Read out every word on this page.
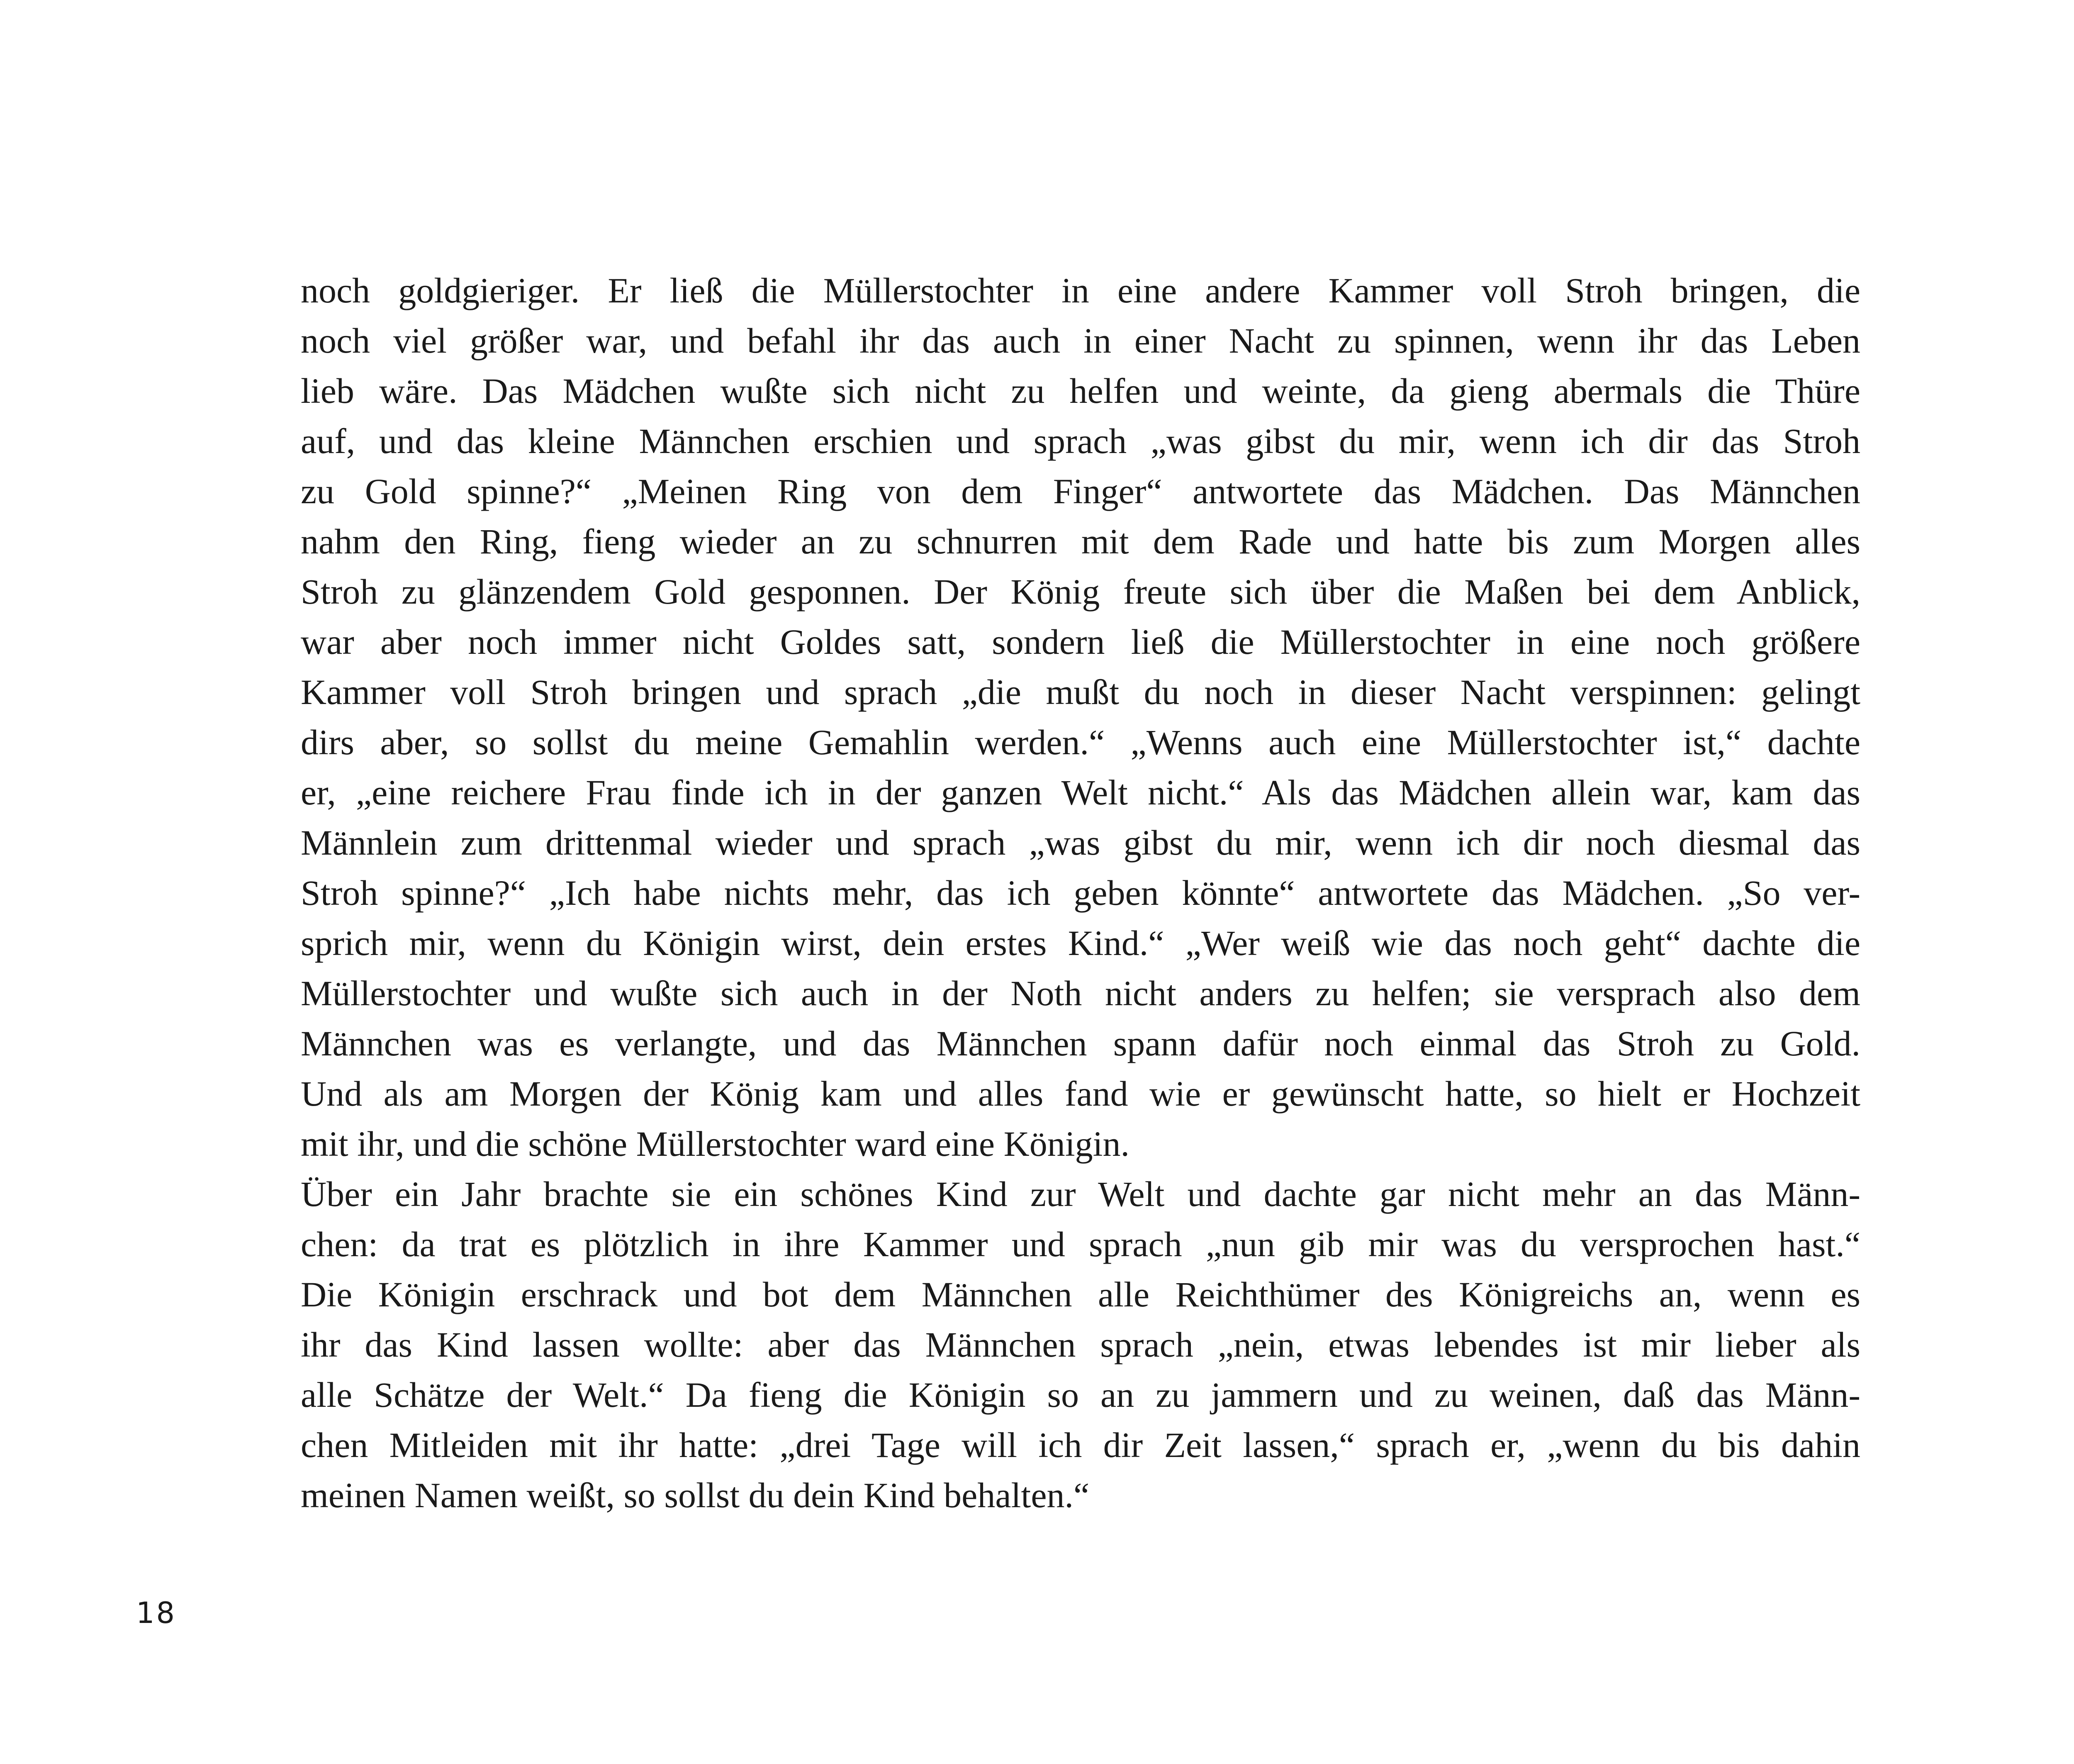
noch goldgieriger. Er ließ die Müllerstochter in eine andere Kammer voll Stroh bringen, die
noch viel größer war, und befahl ihr das auch in einer Nacht zu spinnen, wenn ihr das Leben
lieb wäre. Das Mädchen wußte sich nicht zu helfen und weinte, da gieng abermals die Thüre
auf, und das kleine Männchen erschien und sprach „was gibst du mir, wenn ich dir das Stroh
zu Gold spinne?“ „Meinen Ring von dem Finger“ antwortete das Mädchen. Das Männchen
nahm den Ring, fieng wieder an zu schnurren mit dem Rade und hatte bis zum Morgen alles
Stroh zu glänzendem Gold gesponnen. Der König freute sich über die Maßen bei dem Anblick,
war aber noch immer nicht Goldes satt, sondern ließ die Müllerstochter in eine noch größere
Kammer voll Stroh bringen und sprach „die mußt du noch in dieser Nacht verspinnen: gelingt
dirs aber, so sollst du meine Gemahlin werden.“ „Wenns auch eine Müllerstochter ist,“ dachte
er, „eine reichere Frau finde ich in der ganzen Welt nicht.“ Als das Mädchen allein war, kam das
Männlein zum drittenmal wieder und sprach „was gibst du mir, wenn ich dir noch diesmal das
Stroh spinne?“ „Ich habe nichts mehr, das ich geben könnte“ antwortete das Mädchen. „So ver-
sprich mir, wenn du Königin wirst, dein erstes Kind.“ „Wer weiß wie das noch geht“ dachte die
Müllerstochter und wußte sich auch in der Noth nicht anders zu helfen; sie versprach also dem
Männchen was es verlangte, und das Männchen spann dafür noch einmal das Stroh zu Gold.
Und als am Morgen der König kam und alles fand wie er gewünscht hatte, so hielt er Hochzeit
mit ihr, und die schöne Müllerstochter ward eine Königin.
Über ein Jahr brachte sie ein schönes Kind zur Welt und dachte gar nicht mehr an das Männ-
chen: da trat es plötzlich in ihre Kammer und sprach „nun gib mir was du versprochen hast.“
Die Königin erschrack und bot dem Männchen alle Reichthümer des Königreichs an, wenn es
ihr das Kind lassen wollte: aber das Männchen sprach „nein, etwas lebendes ist mir lieber als
alle Schätze der Welt.“ Da fieng die Königin so an zu jammern und zu weinen, daß das Männ-
chen Mitleiden mit ihr hatte: „drei Tage will ich dir Zeit lassen,“ sprach er, „wenn du bis dahin
meinen Namen weißt, so sollst du dein Kind behalten.“
18
